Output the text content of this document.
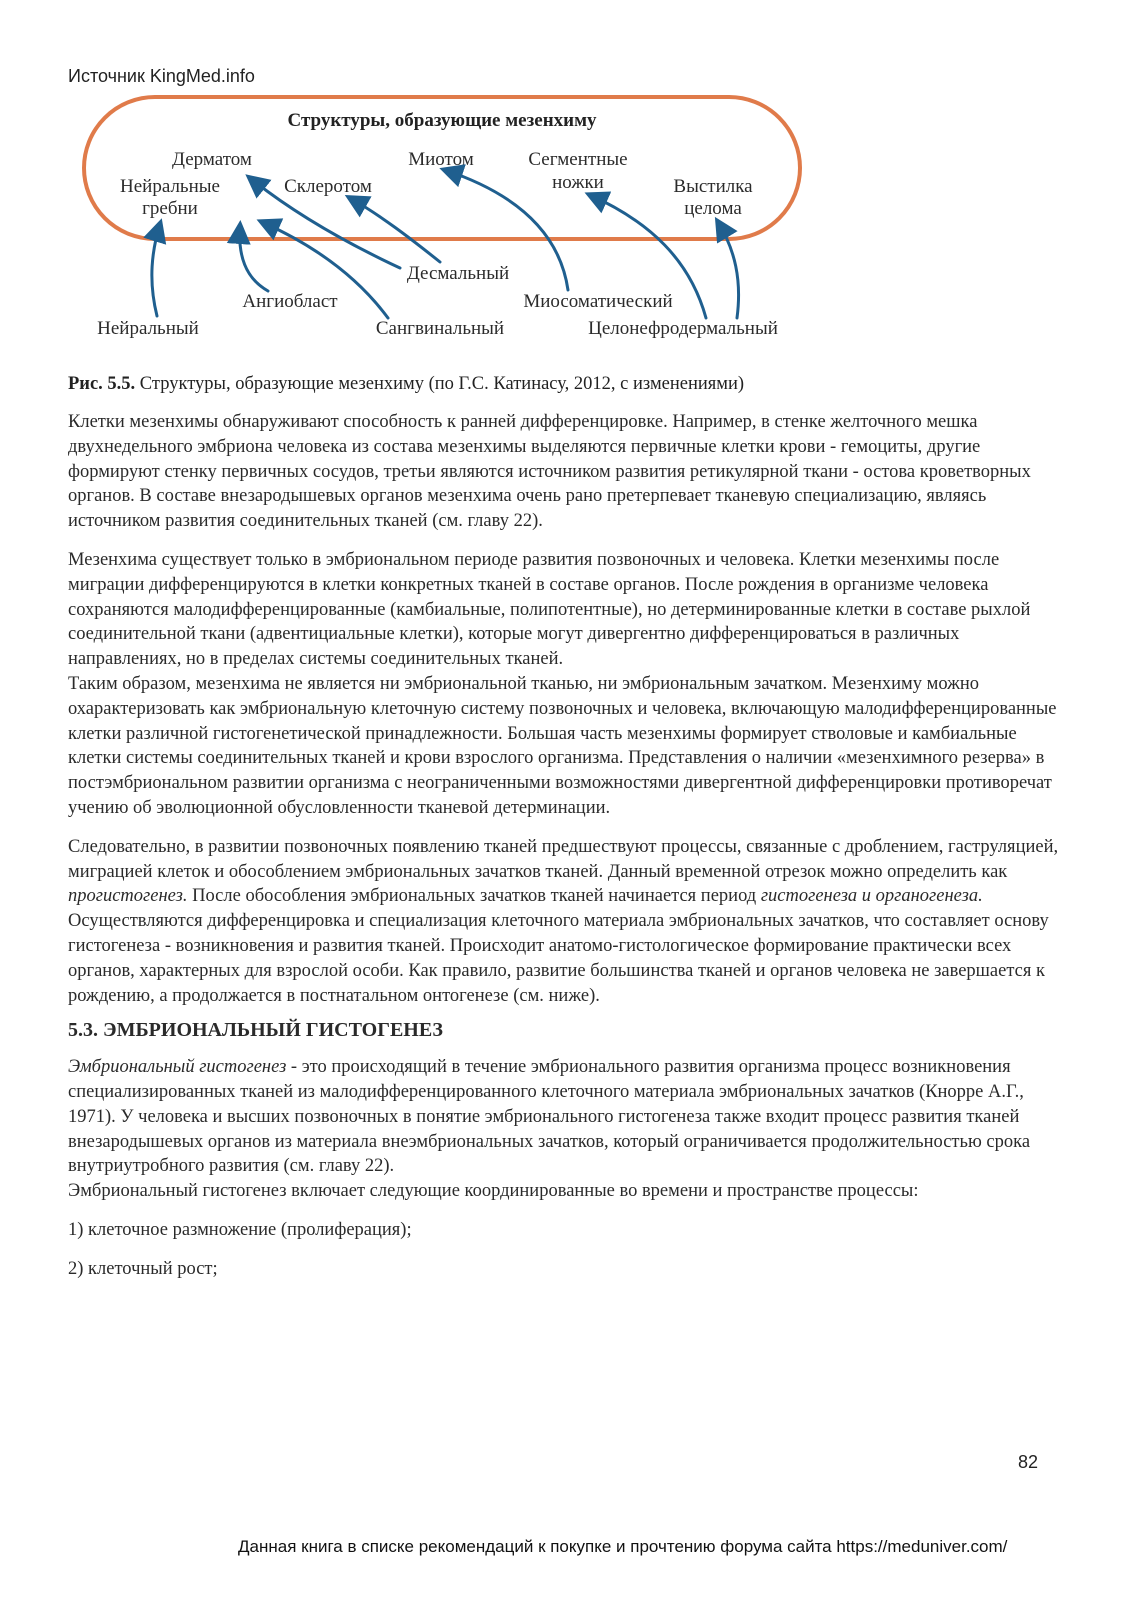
Источник KingMed.info
Структуры, образующие мезенхиму
Дерматом
Нейральные
гребни
Склеротом
Миотом	Сегментные
ножки	Выстилка
целома
Десмальный
Ангиобласт	Миосоматический
Нейральный	Сангвинальный	Целонефродермальный
Рис. 5.5. Структуры, образующие мезенхиму (по Г.С. Катинасу, 2012, с изменениями)

Клетки мезенхимы обнаруживают способность к ранней дифференцировке. Например, в стенке желточного мешка двухнедельного эмбриона человека из состава мезенхимы выделяются первичные клетки крови - гемоциты, другие формируют стенку первичных сосудов, третьи являются источником развития ретикулярной ткани - остова кроветворных органов. В составе внезародышевых органов мезенхима очень рано претерпевает тканевую специализацию, являясь источником развития соединительных тканей (см. главу 22).

Мезенхима существует только в эмбриональном периоде развития позвоночных и человека. Клетки мезенхимы после миграции дифференцируются в клетки конкретных тканей в составе органов. После рождения в организме человека сохраняются малодифференцированные (камбиальные, полипотентные), но детерминированные клетки в составе рыхлой соединительной ткани (адвентициальные клетки), которые могут дивергентно дифференцироваться в различных направлениях, но в пределах системы соединительных тканей.

Таким образом, мезенхима не является ни эмбриональной тканью, ни эмбриональным зачатком. Мезенхиму можно охарактеризовать как эмбриональную клеточную систему позвоночных и человека, включающую малодифференцированные клетки различной гистогенетической принадлежности. Большая часть мезенхимы формирует стволовые и камбиальные клетки системы соединительных тканей и крови взрослого организма. Представления о наличии «мезенхимного резерва» в постэмбриональном развитии организма с неограниченными возможностями дивергентной дифференцировки противоречат учению об эволюционной обусловленности тканевой детерминации.

Следовательно, в развитии позвоночных появлению тканей предшествуют процессы, связанные с дроблением, гаструляцией, миграцией клеток и обособлением эмбриональных зачатков тканей. Данный временной отрезок можно определить как прогистогенез. После обособления эмбриональных зачатков тканей начинается период гистогенеза и органогенеза. Осуществляются дифференцировка и специализация клеточного материала эмбриональных зачатков, что составляет основу гистогенеза - возникновения и развития тканей. Происходит анатомо-гистологическое формирование практически всех органов, характерных для взрослой особи. Как правило, развитие большинства тканей и органов человека не завершается к рождению, а продолжается в постнатальном онтогенезе (см. ниже).

5.3. ЭМБРИОНАЛЬНЫЙ ГИСТОГЕНЕЗ

Эмбриональный гистогенез - это происходящий в течение эмбрионального развития организма процесс возникновения специализированных тканей из малодифференцированного клеточного материала эмбриональных зачатков (Кнорре А.Г., 1971). У человека и высших позвоночных в понятие эмбрионального гистогенеза также входит процесс развития тканей внезародышевых органов из материала внеэмбриональных зачатков, который ограничивается продолжительностью срока внутриутробного развития (см. главу 22).

Эмбриональный гистогенез включает следующие координированные во времени и пространстве процессы:

1) клеточное размножение (пролиферация);

2) клеточный рост;

82
Данная книга в списке рекомендаций к покупке и прочтению форума сайта https://meduniver.com/
